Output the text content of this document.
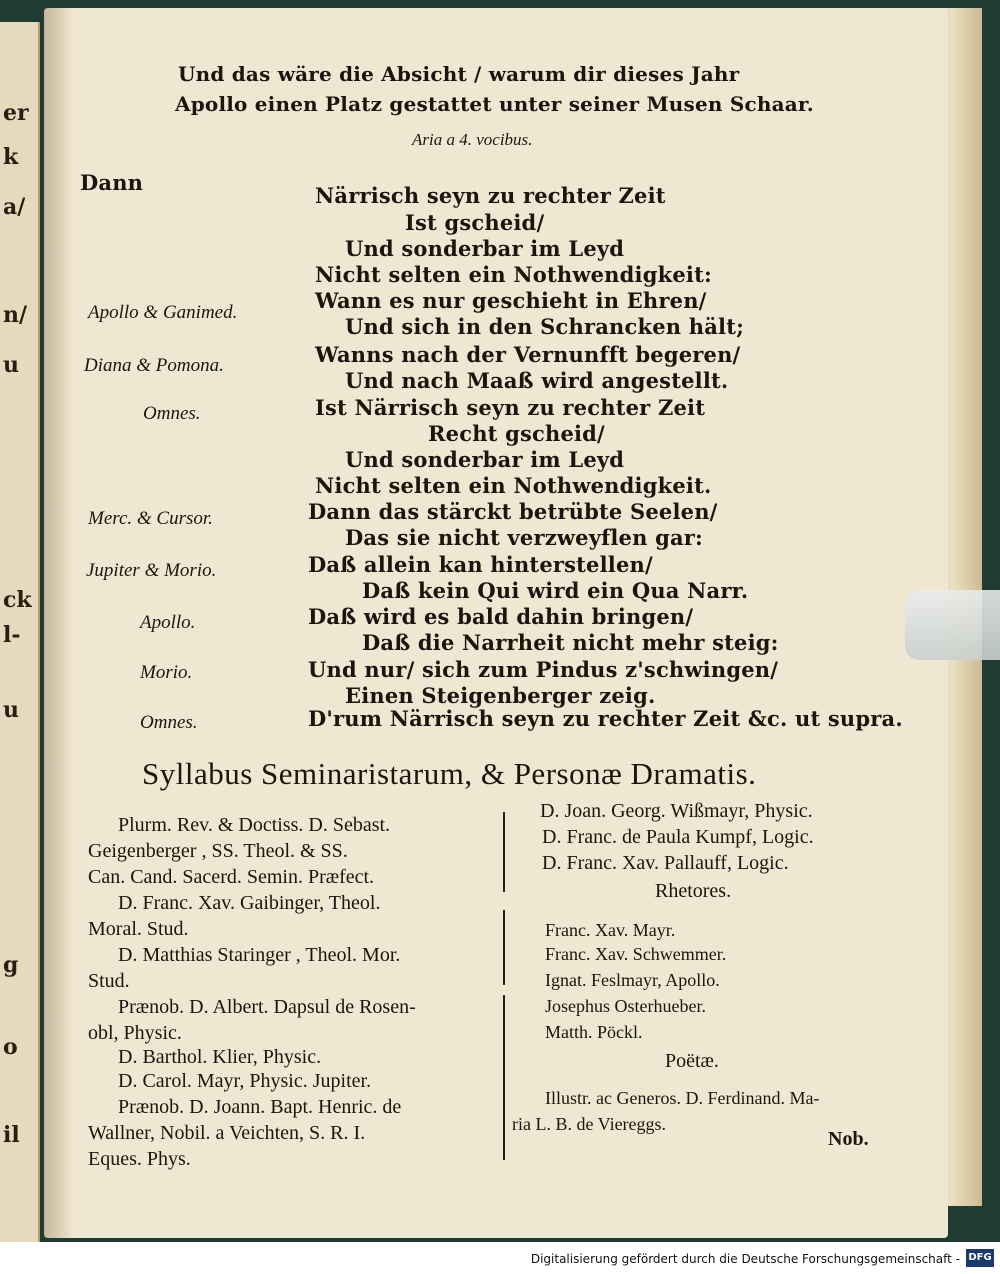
er
k
a/
n/
u
ck
l-
u
g
o
il
Und das wäre die Absicht / warum dir dieses Jahr
Apollo einen Platz gestattet unter seiner Musen Schaar.
Aria a 4. vocibus.
Dann
Närrisch seyn zu rechter Zeit
Ist gscheid/
Und sonderbar im Leyd
Nicht selten ein Nothwendigkeit:
Apollo & Ganimed.	Wann es nur geschieht in Ehren/
Und sich in den Schrancken hält;
Diana & Pomona.	Wanns nach der Vernunfft begeren/
Und nach Maaß wird angestellt.
Omnes.	Ist Närrisch seyn zu rechter Zeit
Recht gscheid/
Und sonderbar im Leyd
Nicht selten ein Nothwendigkeit.
Merc. & Cursor.	Dann das stärckt betrübte Seelen/
Das sie nicht verzweyflen gar:
Jupiter & Morio.	Daß allein kan hinterstellen/
Daß kein Qui wird ein Qua Narr.
Apollo.	Daß wird es bald dahin bringen/
Daß die Narrheit nicht mehr steig:
Morio.	Und nur/ sich zum Pindus z'schwingen/
Einen Steigenberger zeig.
Omnes.	D'rum Närrisch seyn zu rechter Zeit &c. ut supra.
Syllabus Seminaristarum, & Personæ Dramatis.
Plurm. Rev. & Doctiss. D. Sebast.
Geigenberger , SS. Theol. & SS.
Can. Cand. Sacerd. Semin. Præfect.
D. Franc. Xav. Gaibinger, Theol.
Moral. Stud.
D. Matthias Staringer , Theol. Mor.
Stud.
Prænob. D. Albert. Dapsul de Rosen-
obl, Physic.
D. Barthol. Klier, Physic.
D. Carol. Mayr, Physic. Jupiter.
Prænob. D. Joann. Bapt. Henric. de
Wallner, Nobil. a Veichten, S. R. I.
Eques. Phys.
D. Joan. Georg. Wißmayr, Physic.
D. Franc. de Paula Kumpf, Logic.
D. Franc. Xav. Pallauff, Logic.
Rhetores.
Franc. Xav. Mayr.
Franc. Xav. Schwemmer.
Ignat. Feslmayr, Apollo.
Josephus Osterhueber.
Matth. Pöckl.
Poëtæ.
Illustr. ac Generos. D. Ferdinand. Ma-
ria L. B. de Viereggs.
Nob.
Digitalisierung gefördert durch die Deutsche Forschungsgemeinschaft - DFG
